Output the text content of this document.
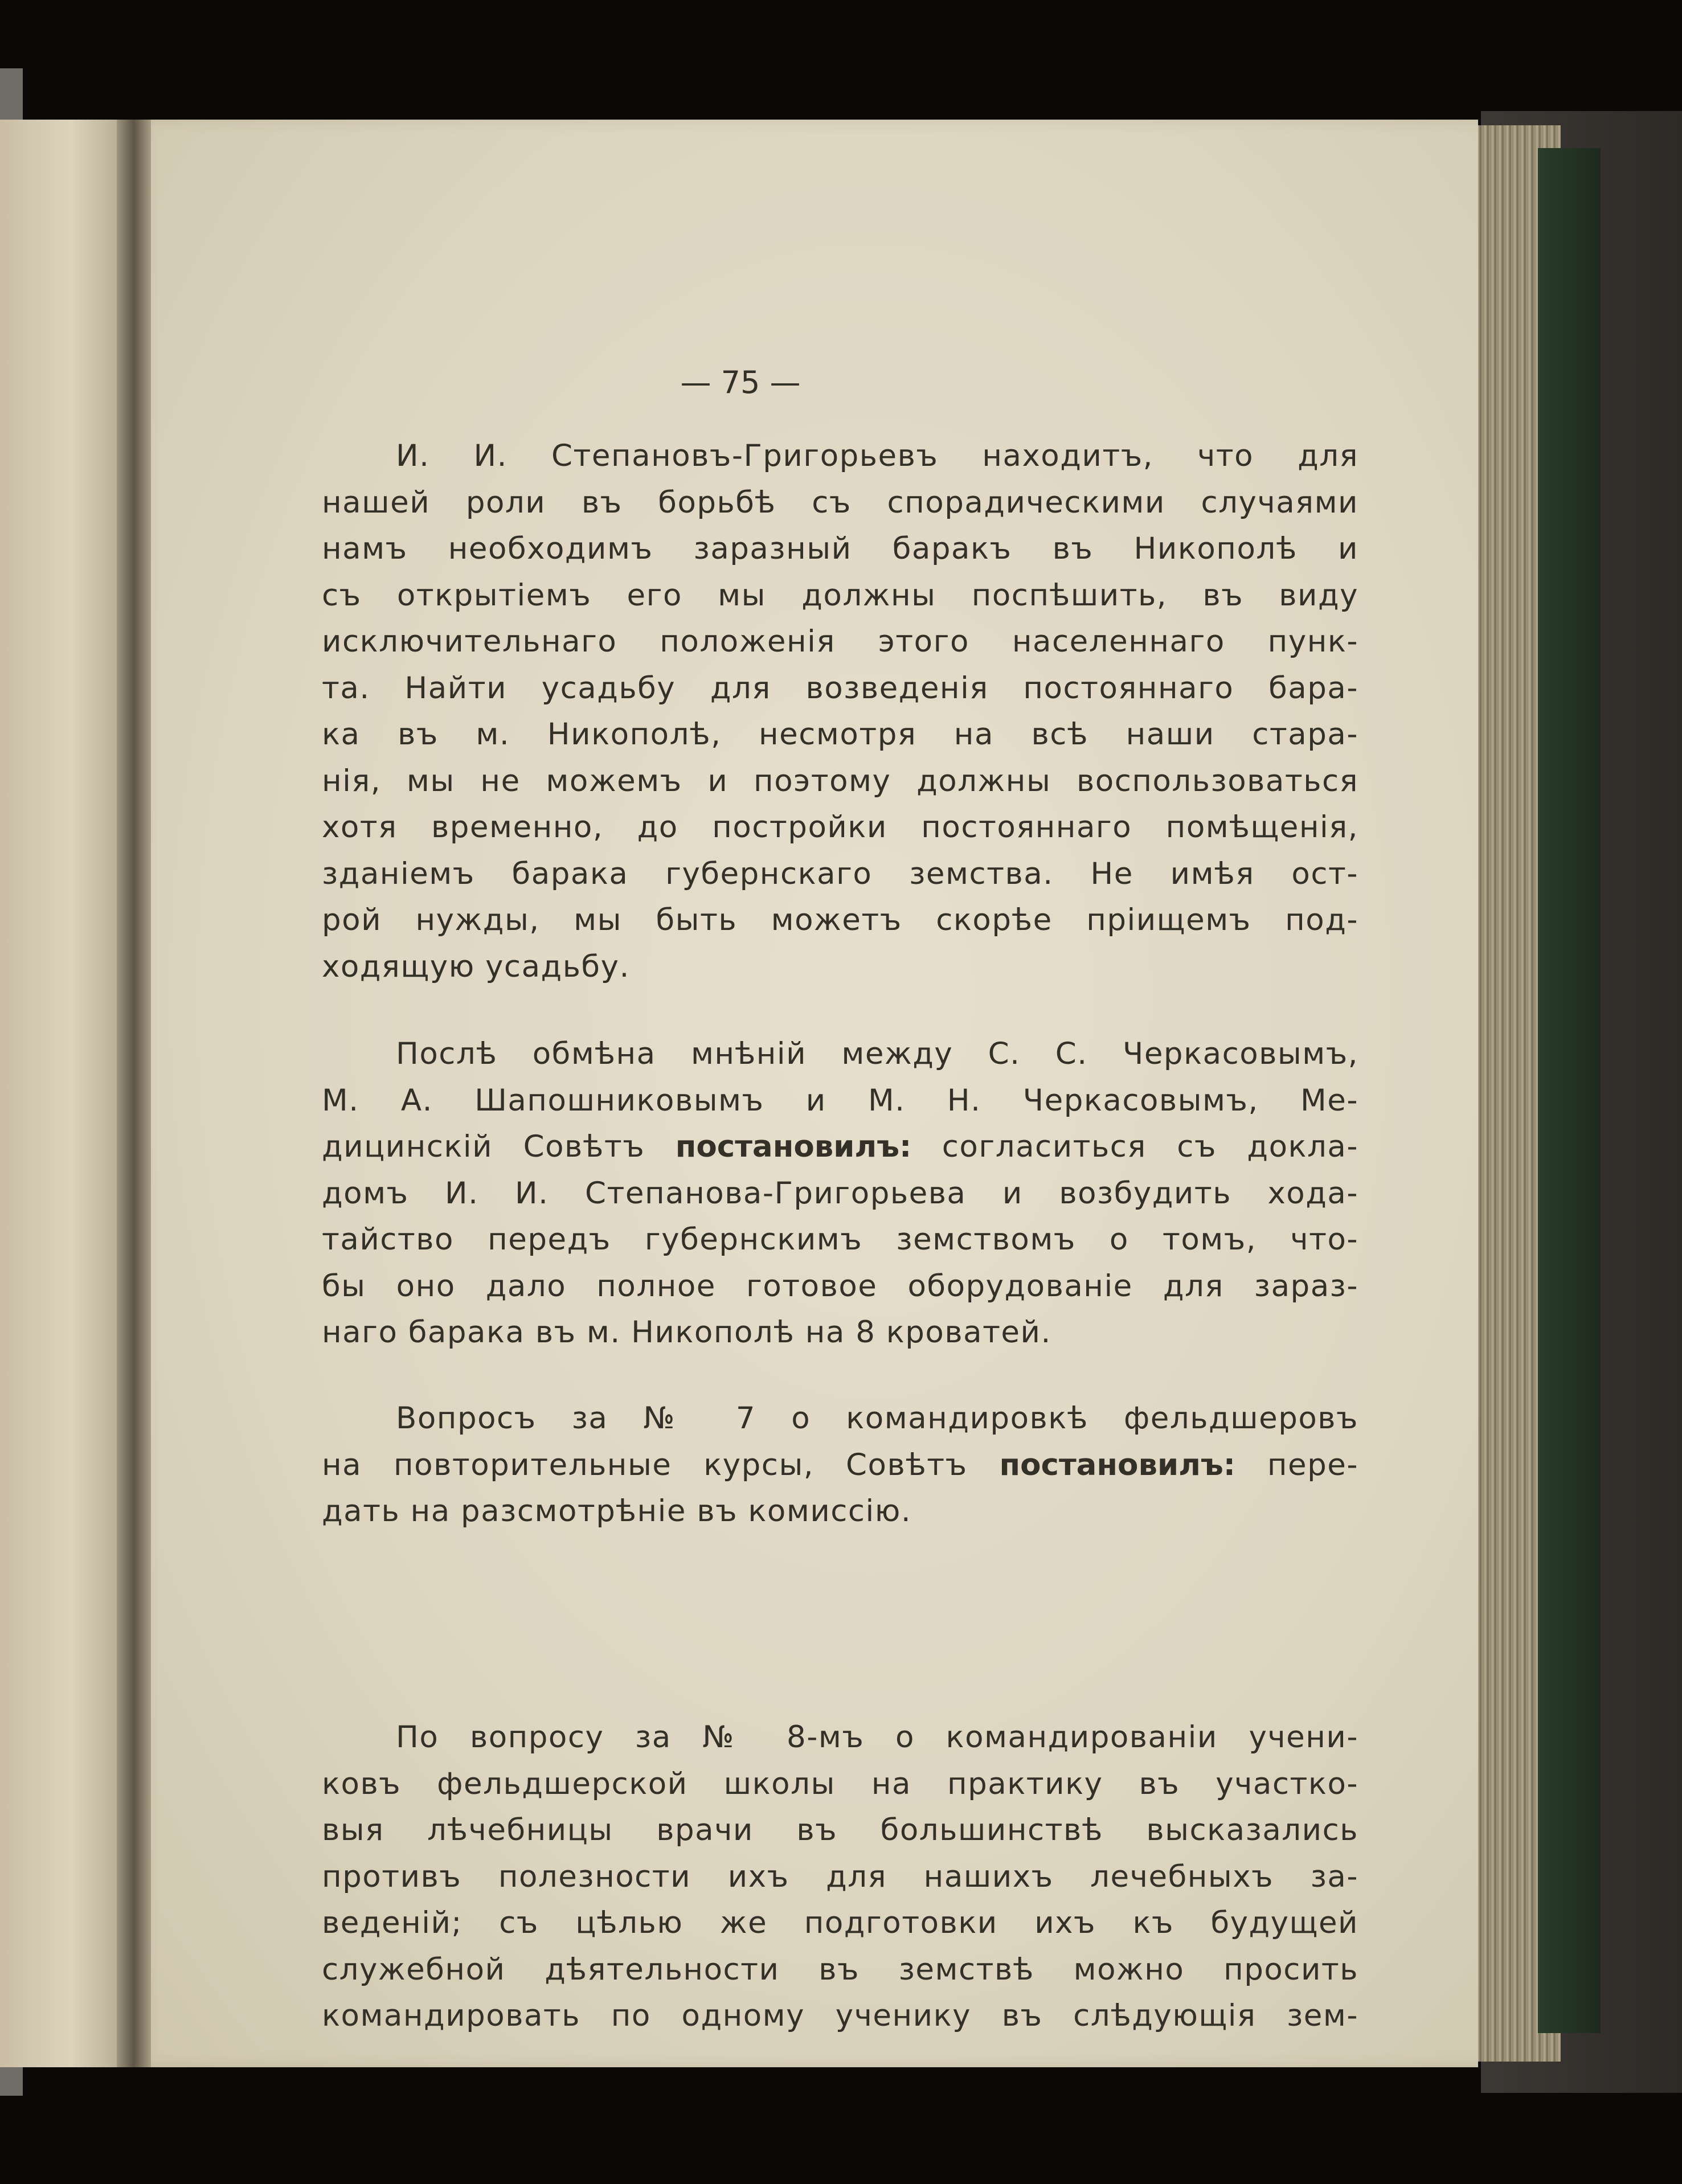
— 75 —
И. И. Степановъ-Григорьевъ находитъ, что для
нашей роли въ борьбѣ съ спорадическими случаями
намъ необходимъ заразный баракъ въ Никополѣ и
съ открытіемъ его мы должны поспѣшить, въ виду
исключительнаго положенія этого населеннаго пунк-
та. Найти усадьбу для возведенія постояннаго бара-
ка въ м. Никополѣ, несмотря на всѣ наши стара-
нія, мы не можемъ и поэтому должны воспользоваться
хотя временно, до постройки постояннаго помѣщенія,
зданіемъ барака губернскаго земства. Не имѣя ост-
рой нужды, мы быть можетъ скорѣе пріищемъ под-
ходящую усадьбу.
Послѣ обмѣна мнѣній между С. С. Черкасовымъ,
М. А. Шапошниковымъ и М. Н. Черкасовымъ, Ме-
дицинскій Совѣтъ постановилъ: согласиться съ докла-
домъ И. И. Степанова-Григорьева и возбудить хода-
тайство передъ губернскимъ земствомъ о томъ, что-
бы оно дало полное готовое оборудованіе для зараз-
наго барака въ м. Никополѣ на 8 кроватей.
Вопросъ за № 7 о командировкѣ фельдшеровъ
на повторительные курсы, Совѣтъ постановилъ: пере-
дать на разсмотрѣніе въ комиссію.
По вопросу за № 8-мъ о командированіи учени-
ковъ фельдшерской школы на практику въ участко-
выя лѣчебницы врачи въ большинствѣ высказались
противъ полезности ихъ для нашихъ лечебныхъ за-
веденій; съ цѣлью же подготовки ихъ къ будущей
служебной дѣятельности въ земствѣ можно просить
командировать по одному ученику въ слѣдующія зем-
